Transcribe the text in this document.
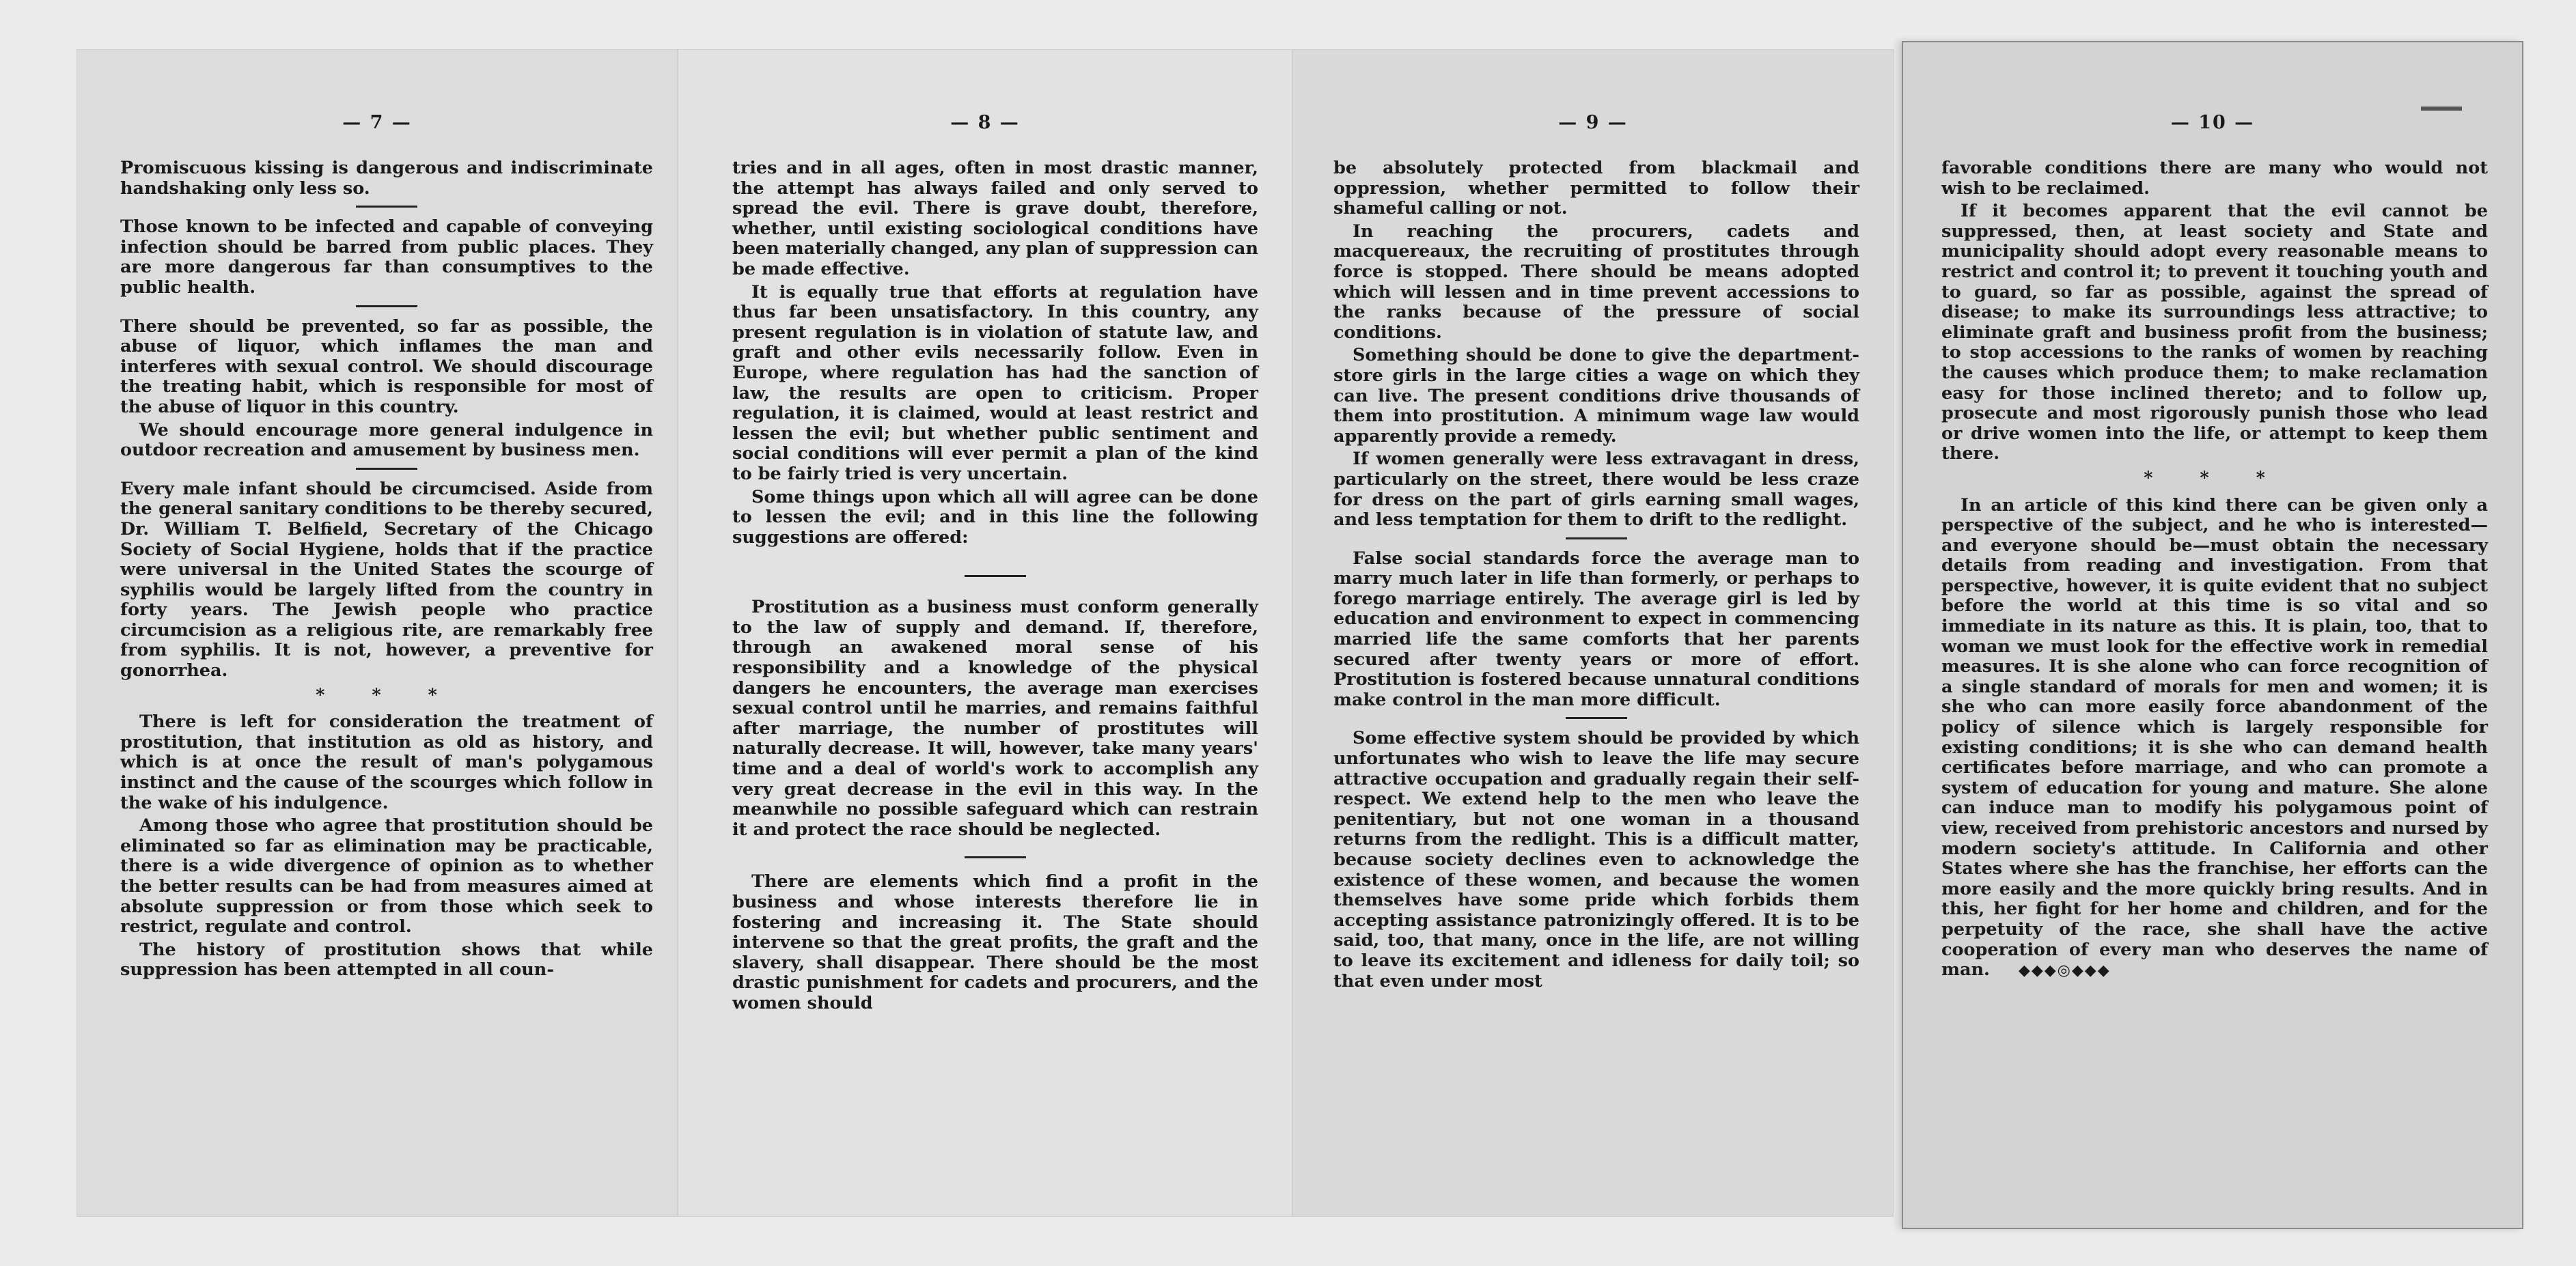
— 7 —

Promiscuous kissing is dangerous and indiscriminate handshaking only less so.

Those known to be infected and capable of conveying infection should be barred from public places. They are more dangerous far than consumptives to the public health.

There should be prevented, so far as possible, the abuse of liquor, which inflames the man and interferes with sexual control. We should discourage the treating habit, which is responsible for most of the abuse of liquor in this country.

We should encourage more general indulgence in outdoor recreation and amusement by business men.

Every male infant should be circumcised. Aside from the general sanitary conditions to be thereby secured, Dr. William T. Belfield, Secretary of the Chicago Society of Social Hygiene, holds that if the practice were universal in the United States the scourge of syphilis would be largely lifted from the country in forty years. The Jewish people who practice circumcision as a religious rite, are remarkably free from syphilis. It is not, however, a preventive for gonorrhea.

* * *

There is left for consideration the treatment of prostitution, that institution as old as history, and which is at once the result of man's polygamous instinct and the cause of the scourges which follow in the wake of his indulgence.

Among those who agree that prostitution should be eliminated so far as elimination may be practicable, there is a wide divergence of opinion as to whether the better results can be had from measures aimed at absolute suppression or from those which seek to restrict, regulate and control.

The history of prostitution shows that while suppression has been attempted in all coun-

— 8 —

tries and in all ages, often in most drastic manner, the attempt has always failed and only served to spread the evil. There is grave doubt, therefore, whether, until existing sociological conditions have been materially changed, any plan of suppression can be made effective.

It is equally true that efforts at regulation have thus far been unsatisfactory. In this country, any present regulation is in violation of statute law, and graft and other evils necessarily follow. Even in Europe, where regulation has had the sanction of law, the results are open to criticism. Proper regulation, it is claimed, would at least restrict and lessen the evil; but whether public sentiment and social conditions will ever permit a plan of the kind to be fairly tried is very uncertain.

Some things upon which all will agree can be done to lessen the evil; and in this line the following suggestions are offered:

Prostitution as a business must conform generally to the law of supply and demand. If, therefore, through an awakened moral sense of his responsibility and a knowledge of the physical dangers he encounters, the average man exercises sexual control until he marries, and remains faithful after marriage, the number of prostitutes will naturally decrease. It will, however, take many years' time and a deal of world's work to accomplish any very great decrease in the evil in this way. In the meanwhile no possible safeguard which can restrain it and protect the race should be neglected.

There are elements which find a profit in the business and whose interests therefore lie in fostering and increasing it. The State should intervene so that the great profits, the graft and the slavery, shall disappear. There should be the most drastic punishment for cadets and procurers, and the women should

— 9 —

be absolutely protected from blackmail and oppression, whether permitted to follow their shameful calling or not.

In reaching the procurers, cadets and macquereaux, the recruiting of prostitutes through force is stopped. There should be means adopted which will lessen and in time prevent accessions to the ranks because of the pressure of social conditions.

Something should be done to give the department-store girls in the large cities a wage on which they can live. The present conditions drive thousands of them into prostitution. A minimum wage law would apparently provide a remedy.

If women generally were less extravagant in dress, particularly on the street, there would be less craze for dress on the part of girls earning small wages, and less temptation for them to drift to the redlight.

False social standards force the average man to marry much later in life than formerly, or perhaps to forego marriage entirely. The average girl is led by education and environment to expect in commencing married life the same comforts that her parents secured after twenty years or more of effort. Prostitution is fostered because unnatural conditions make control in the man more difficult.

Some effective system should be provided by which unfortunates who wish to leave the life may secure attractive occupation and gradually regain their self-respect. We extend help to the men who leave the penitentiary, but not one woman in a thousand returns from the redlight. This is a difficult matter, because society declines even to acknowledge the existence of these women, and because the women themselves have some pride which forbids them accepting assistance patronizingly offered. It is to be said, too, that many, once in the life, are not willing to leave its excitement and idleness for daily toil; so that even under most

— 10 —

favorable conditions there are many who would not wish to be reclaimed.

If it becomes apparent that the evil cannot be suppressed, then, at least society and State and municipality should adopt every reasonable means to restrict and control it; to prevent it touching youth and to guard, so far as possible, against the spread of disease; to make its surroundings less attractive; to eliminate graft and business profit from the business; to stop accessions to the ranks of women by reaching the causes which produce them; to make reclamation easy for those inclined thereto; and to follow up, prosecute and most rigorously punish those who lead or drive women into the life, or attempt to keep them there.

* * *

In an article of this kind there can be given only a perspective of the subject, and he who is interested—and everyone should be—must obtain the necessary details from reading and investigation. From that perspective, however, it is quite evident that no subject before the world at this time is so vital and so immediate in its nature as this. It is plain, too, that to woman we must look for the effective work in remedial measures. It is she alone who can force recognition of a single standard of morals for men and women; it is she who can more easily force abandonment of the policy of silence which is largely responsible for existing conditions; it is she who can demand health certificates before marriage, and who can promote a system of education for young and mature. She alone can induce man to modify his polygamous point of view, received from prehistoric ancestors and nursed by modern society's attitude. In California and other States where she has the franchise, her efforts can the more easily and the more quickly bring results. And in this, her fight for her home and children, and for the perpetuity of the race, she shall have the active cooperation of every man who deserves the name of man. ◆◆◆◎◆◆◆
